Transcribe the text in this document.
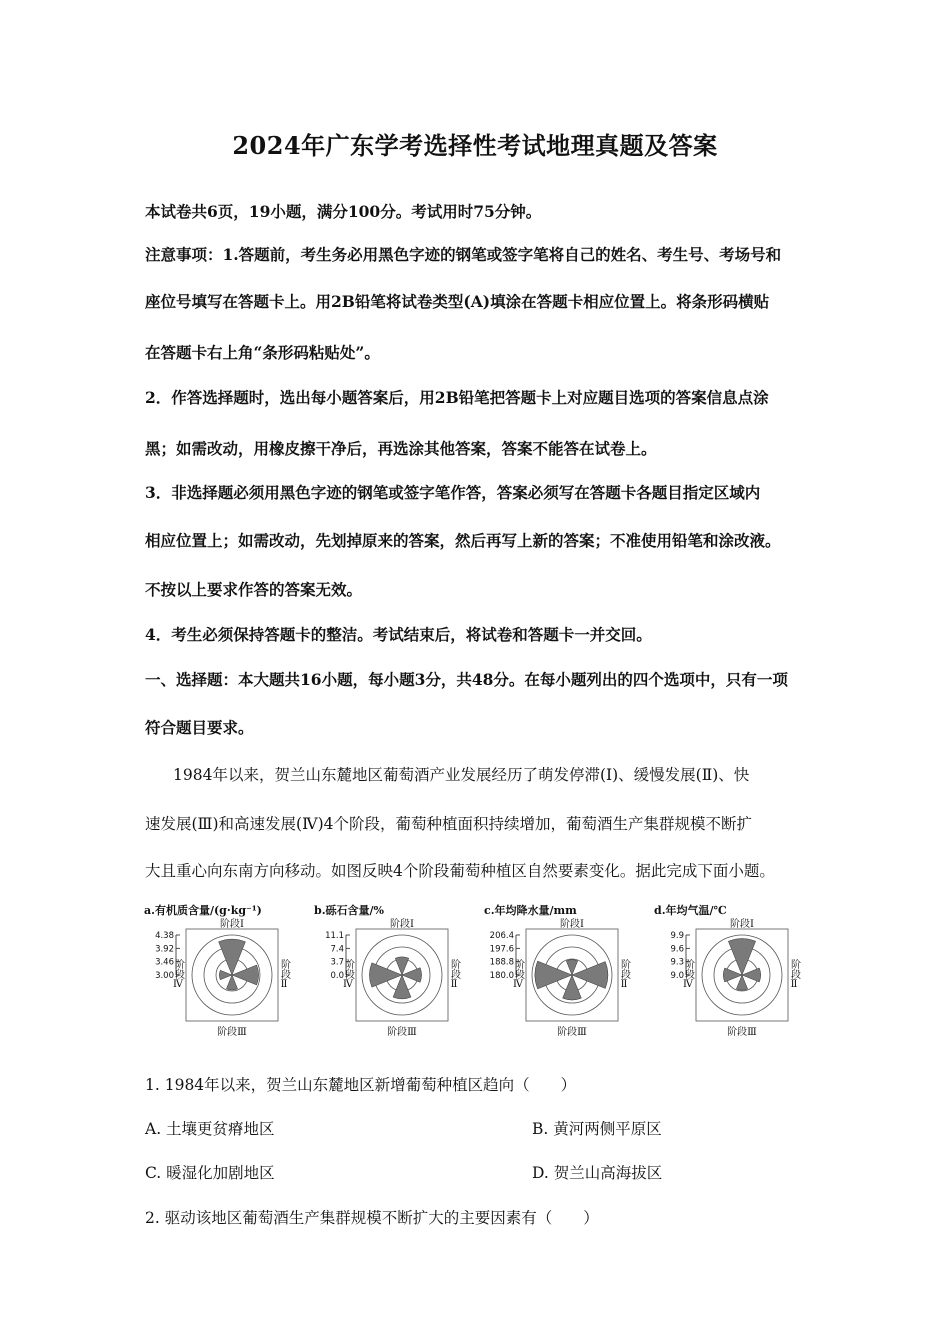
2024年广东学考选择性考试地理真题及答案
本试卷共6页，19小题，满分100分。考试用时75分钟。
注意事项：1.答题前，考生务必用黑色字迹的钢笔或签字笔将自己的姓名、考生号、考场号和
座位号填写在答题卡上。用2B铅笔将试卷类型(A)填涂在答题卡相应位置上。将条形码横贴
在答题卡右上角“条形码粘贴处”。
2．作答选择题时，选出每小题答案后，用2B铅笔把答题卡上对应题目选项的答案信息点涂
黑；如需改动，用橡皮擦干净后，再选涂其他答案，答案不能答在试卷上。
3．非选择题必须用黑色字迹的钢笔或签字笔作答，答案必须写在答题卡各题目指定区域内
相应位置上；如需改动，先划掉原来的答案，然后再写上新的答案；不准使用铅笔和涂改液。
不按以上要求作答的答案无效。
4．考生必须保持答题卡的整洁。考试结束后，将试卷和答题卡一并交回。
一、选择题：本大题共16小题，每小题3分，共48分。在每小题列出的四个选项中，只有一项
符合题目要求。
1984年以来，贺兰山东麓地区葡萄酒产业发展经历了萌发停滞(Ⅰ)、缓慢发展(Ⅱ)、快
速发展(Ⅲ)和高速发展(Ⅳ)4个阶段，葡萄种植面积持续增加，葡萄酒生产集群规模不断扩
大且重心向东南方向移动。如图反映4个阶段葡萄种植区自然要素变化。据此完成下面小题。
a.有机质含量/(g·kg⁻¹)
4.38
3.92
3.46
3.00
阶段Ⅰ
阶段Ⅲ
阶段Ⅱ
阶段Ⅳ
b.砾石含量/%
11.1
7.4
3.7
0.0
阶段Ⅰ
阶段Ⅲ
阶段Ⅱ
阶段Ⅳ
c.年均降水量/mm
206.4
197.6
188.8
180.0
阶段Ⅰ
阶段Ⅲ
阶段Ⅱ
阶段Ⅳ
d.年均气温/℃
9.9
9.6
9.3
9.0
阶段Ⅰ
阶段Ⅲ
阶段Ⅱ
阶段Ⅳ
1. 1984年以来，贺兰山东麓地区新增葡萄种植区趋向（　　）
A. 土壤更贫瘠地区	B. 黄河两侧平原区
C. 暖湿化加剧地区	D. 贺兰山高海拔区
2. 驱动该地区葡萄酒生产集群规模不断扩大的主要因素有（　　）
